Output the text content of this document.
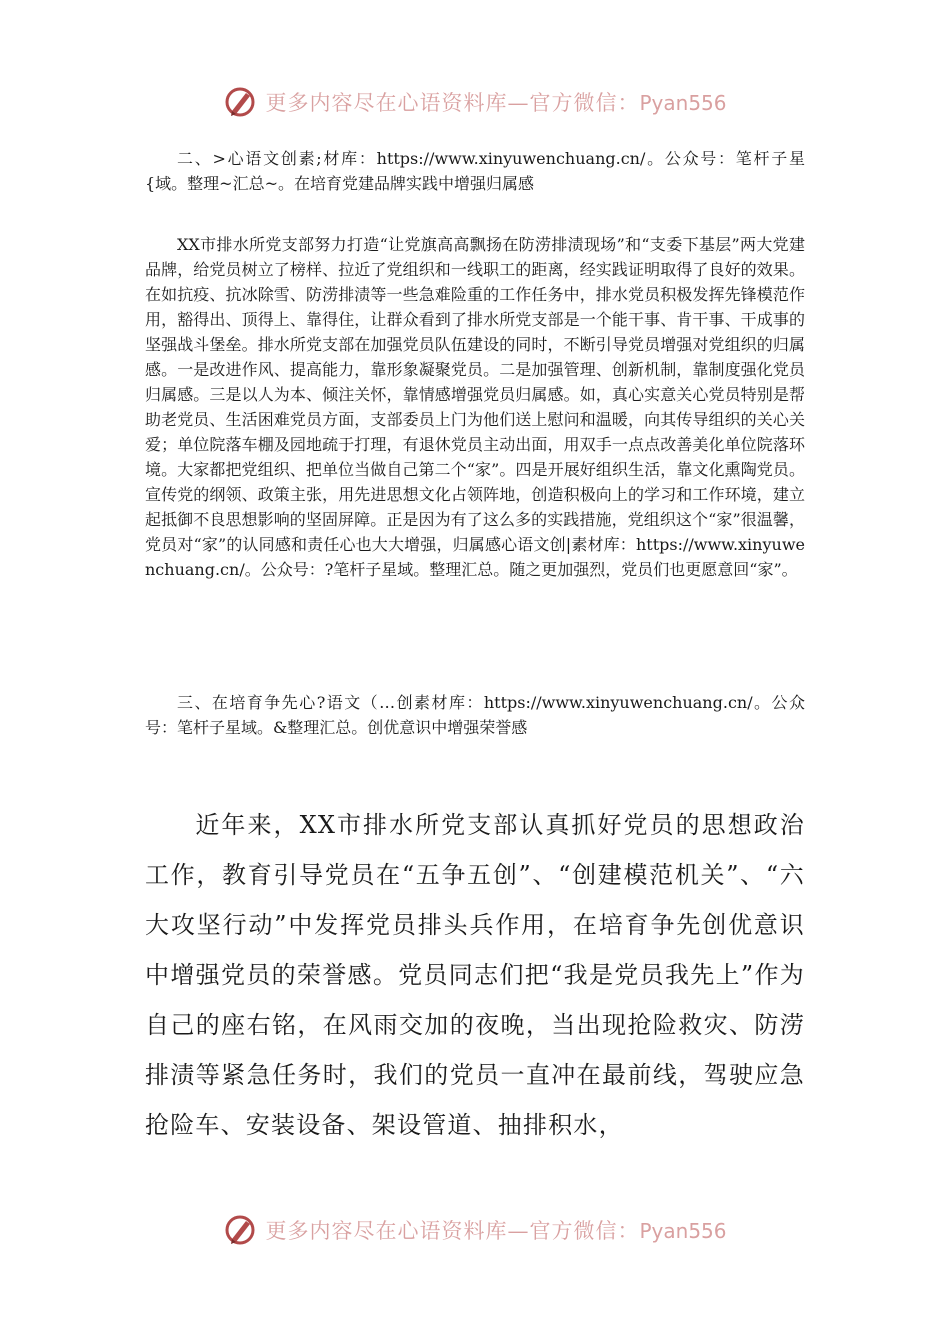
更多内容尽在心语资料库—官方微信：Pyan556

二、>心语文创素;材库：https://www.xinyuwenchuang.cn/。公众号：笔杆子星{域。整理~汇总~。在培育党建品牌实践中增强归属感

XX市排水所党支部努力打造“让党旗高高飘扬在防涝排渍现场”和“支委下基层”两大党建品牌，给党员树立了榜样、拉近了党组织和一线职工的距离，经实践证明取得了良好的效果。在如抗疫、抗冰除雪、防涝排渍等一些急难险重的工作任务中，排水党员积极发挥先锋模范作用，豁得出、顶得上、靠得住，让群众看到了排水所党支部是一个能干事、肯干事、干成事的坚强战斗堡垒。排水所党支部在加强党员队伍建设的同时，不断引导党员增强对党组织的归属感。一是改进作风、提高能力，靠形象凝聚党员。二是加强管理、创新机制，靠制度强化党员归属感。三是以人为本、倾注关怀，靠情感增强党员归属感。如，真心实意关心党员特别是帮助老党员、生活困难党员方面，支部委员上门为他们送上慰问和温暖，向其传导组织的关心关爱；单位院落车棚及园地疏于打理，有退休党员主动出面，用双手一点点改善美化单位院落环境。大家都把党组织、把单位当做自己第二个“家”。四是开展好组织生活，靠文化熏陶党员。宣传党的纲领、政策主张，用先进思想文化占领阵地，创造积极向上的学习和工作环境，建立起抵御不良思想影响的坚固屏障。正是因为有了这么多的实践措施，党组织这个“家”很温馨，党员对“家”的认同感和责任心也大大增强，归属感心语文创|素材库：https://www.xinyuwenchuang.cn/。公众号：?笔杆子星域。整理汇总。随之更加强烈，党员们也更愿意回“家”。

三、在培育争先心?语文（…创素材库：https://www.xinyuwenchuang.cn/。公众号：笔杆子星域。&整理汇总。创优意识中增强荣誉感

近年来，XX市排水所党支部认真抓好党员的思想政治工作，教育引导党员在“五争五创”、“创建模范机关”、“六大攻坚行动”中发挥党员排头兵作用，在培育争先创优意识中增强党员的荣誉感。党员同志们把“我是党员我先上”作为自己的座右铭，在风雨交加的夜晚，当出现抢险救灾、防涝排渍等紧急任务时，我们的党员一直冲在最前线，驾驶应急抢险车、安装设备、架设管道、抽排积水，

更多内容尽在心语资料库—官方微信：Pyan556
